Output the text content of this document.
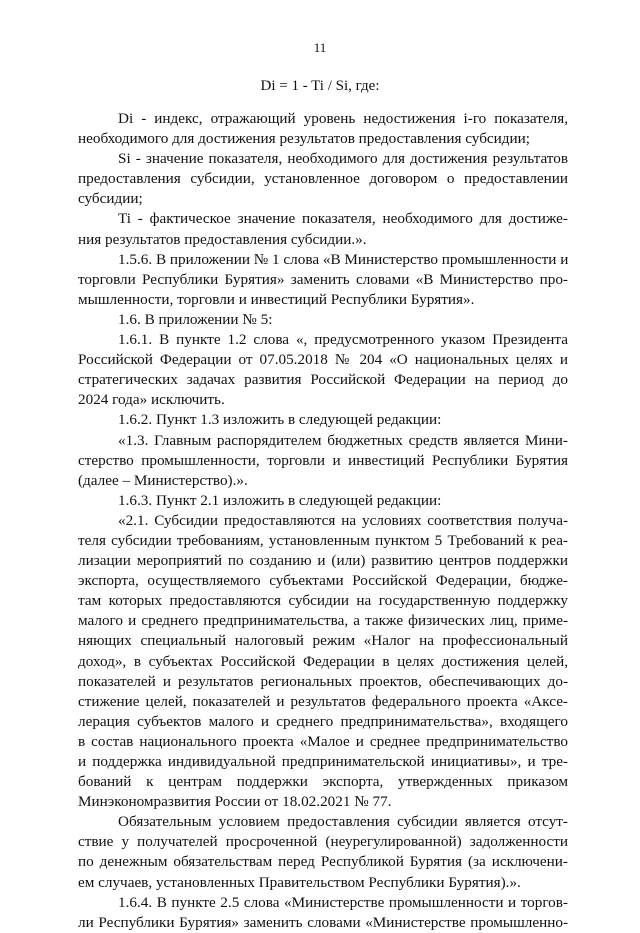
11
Di = 1 - Ti / Si, где:
Di - индекс, отражающий уровень недостижения i-го показателя,
необходимого для достижения результатов предоставления субсидии;
Si - значение показателя, необходимого для достижения результатов
предоставления субсидии, установленное договором о предоставлении
субсидии;
Ti - фактическое значение показателя, необходимого для достиже-
ния результатов предоставления субсидии.».
1.5.6. В приложении № 1 слова «В Министерство промышленности и
торговли Республики Бурятия» заменить словами «В Министерство про-
мышленности, торговли и инвестиций Республики Бурятия».
1.6. В приложении № 5:
1.6.1. В пункте 1.2 слова «, предусмотренного указом Президента
Российской Федерации от 07.05.2018 № 204 «О национальных целях и
стратегических задачах развития Российской Федерации на период до
2024 года» исключить.
1.6.2. Пункт 1.3 изложить в следующей редакции:
«1.3. Главным распорядителем бюджетных средств является Мини-
стерство промышленности, торговли и инвестиций Республики Бурятия
(далее – Министерство).».
1.6.3. Пункт 2.1 изложить в следующей редакции:
«2.1. Субсидии предоставляются на условиях соответствия получа-
теля субсидии требованиям, установленным пунктом 5 Требований к реа-
лизации мероприятий по созданию и (или) развитию центров поддержки
экспорта, осуществляемого субъектами Российской Федерации, бюдже-
там которых предоставляются субсидии на государственную поддержку
малого и среднего предпринимательства, а также физических лиц, приме-
няющих специальный налоговый режим «Налог на профессиональный
доход», в субъектах Российской Федерации в целях достижения целей,
показателей и результатов региональных проектов, обеспечивающих до-
стижение целей, показателей и результатов федерального проекта «Аксе-
лерация субъектов малого и среднего предпринимательства», входящего
в состав национального проекта «Малое и среднее предпринимательство
и поддержка индивидуальной предпринимательской инициативы», и тре-
бований к центрам поддержки экспорта, утвержденных приказом
Минэкономразвития России от 18.02.2021 № 77.
Обязательным условием предоставления субсидии является отсут-
ствие у получателей просроченной (неурегулированной) задолженности
по денежным обязательствам перед Республикой Бурятия (за исключени-
ем случаев, установленных Правительством Республики Бурятия).».
1.6.4. В пункте 2.5 слова «Министерстве промышленности и торгов-
ли Республики Бурятия» заменить словами «Министерстве промышленно-
